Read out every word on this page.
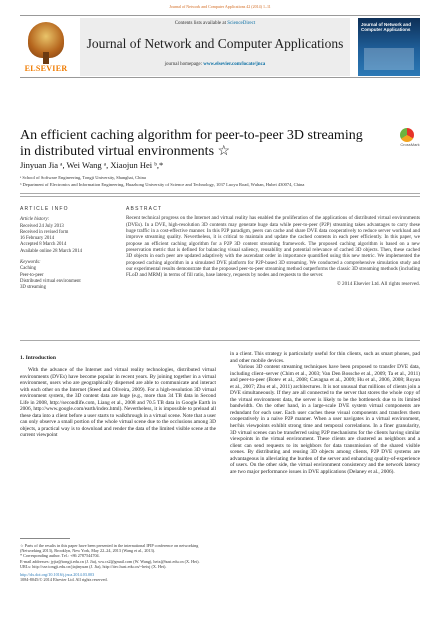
Journal of Network and Computer Applications 42 (2014) 1–11
ELSEVIER
Contents lists available at ScienceDirect
Journal of Network and Computer Applications
journal homepage: www.elsevier.com/locate/jnca
Journal of Network and Computer Applications
An efficient caching algorithm for peer-to-peer 3D streaming
in distributed virtual environments ☆	CrossMark
Jinyuan Jia ᵃ, Wei Wang ᵃ, Xiaojun Hei ᵇ,*
ᵃ School of Software Engineering, Tongji University, Shanghai, China
ᵇ Department of Electronics and Information Engineering, Huazhong University of Science and Technology, 1037 Luoyu Road, Wuhan, Hubei 430074, China
ARTICLE INFO

Article history:

Received 24 July 2013

Received in revised form

16 February 2014

Accepted 8 March 2014

Available online 28 March 2014

Keywords:

Caching

Peer-to-peer

Distributed virtual environment

3D streaming

ABSTRACT
Recent technical progress on the Internet and virtual reality has enabled the proliferation of the applications of distributed virtual environments (DVEs). In a DVE, high-resolution 3D contents may generate huge data while peer-to-peer (P2P) streaming takes advantages to carry these huge traffic in a cost-effective manner. In this P2P paradigm, peers can cache and share DVE data cooperatively to reduce server workload and improve streaming quality. Nevertheless, it is critical to maintain and update the cached contents in each peer efficiently. In this paper, we propose an efficient caching algorithm for a P2P 3D content streaming framework. The proposed caching algorithm is based on a new preservation metric that is defined for balancing visual saliency, reusability and potential relevance of cached 3D objects. Then, these cached 3D objects in each peer are updated adaptively with the ascendant order in importance quantified using this new metric. We implemented the proposed caching algorithm in a simulated DVE platform for P2P-based 3D streaming. We conducted a comprehensive simulation study and our experimental results demonstrate that the proposed peer-to-peer streaming method outperforms the classic 3D streaming methods (including FLoD and MRM) in terms of fill ratio, base latency, requests by nodes and requests to the server.
© 2014 Elsevier Ltd. All rights reserved.
1. Introduction

With the advance of the Internet and virtual reality technologies, distributed virtual environments (DVEs) have become popular in recent years. By joining together in a virtual environment, users who are geographically dispersed are able to communicate and interact with each other on the Internet (Steed and Oliveira, 2009). For a high-resolution 3D virtual environment system, the 3D content data are huge (e.g., more than 34 TB data in Second Life in 2008, http://secondlife.com, Liang et al., 2008 and 70.5 TB data in Google Earth in 2006, http://www.google.com/earth/index.html). Nevertheless, it is impossible to preload all these data into a client before a user starts to walkthrough in a virtual scene. Note that a user can only observe a small portion of the whole virtual scene due to the occlusions among 3D objects, a practical way is to download and render the data of the limited visible scene at the current viewpoint

in a client. This strategy is particularly useful for thin clients, such as smart phones, pad and other mobile devices.

Various 3D content streaming techniques have been proposed to transfer DVE data, including client–server (Chim et al., 2003; Van Den Bossche et al., 2009; Ta et al., 2011) and peer-to-peer (Botev et al., 2008; Cavagna et al., 2009; Hu et al., 2006, 2008; Royan et al., 2007; Zhu et al., 2011) architectures. It is not unusual that millions of clients join a DVE simultaneously. If they are all connected to the server that stores the whole copy of the virtual environment data, the server is likely to be the bottleneck due to its limited bandwidth. On the other hand, in a large-scale DVE system virtual components are redundant for each user. Each user caches these visual components and transfers them cooperatively in a naive P2P manner. When a user navigates in a virtual environment, her/his viewpoints exhibit strong time and temporal correlations. In a finer granularity, 3D virtual scenes can be transferred using P2P mechanisms for the clients having similar viewpoints in the virtual environment. These clients are clustered as neighbors and a client can send requests to its neighbors for data transmission of the shared visible scenes. By distributing and reusing 3D objects among clients, P2P DVE systems are advantageous in alleviating the burden of the server and enhancing quality-of-experience of users. On the other side, the virtual environment consistency and the network latency are two major performance issues in DVE applications (Delaney et al., 2006).

☆ Parts of the results in this paper have been presented in the international IFIP conference on networking (Networking 2013), Brooklyn, New York, May 22–24, 2013 (Wang et al., 2013).
* Corresponding author. Tel.: +86 2787544704.
E-mail addresses: jyjia@tongji.edu.cn (J. Jia), ww.cs2@gmail.com (W. Wang), heix@hust.edu.cn (X. Hei).
URLs: http://sse.tongji.edu.cn/jiajinyuan (J. Jia), http://itec.hust.edu.cn/~heixj (X. Hei).
http://dx.doi.org/10.1016/j.jnca.2014.03.003
1084-8045/© 2014 Elsevier Ltd. All rights reserved.
